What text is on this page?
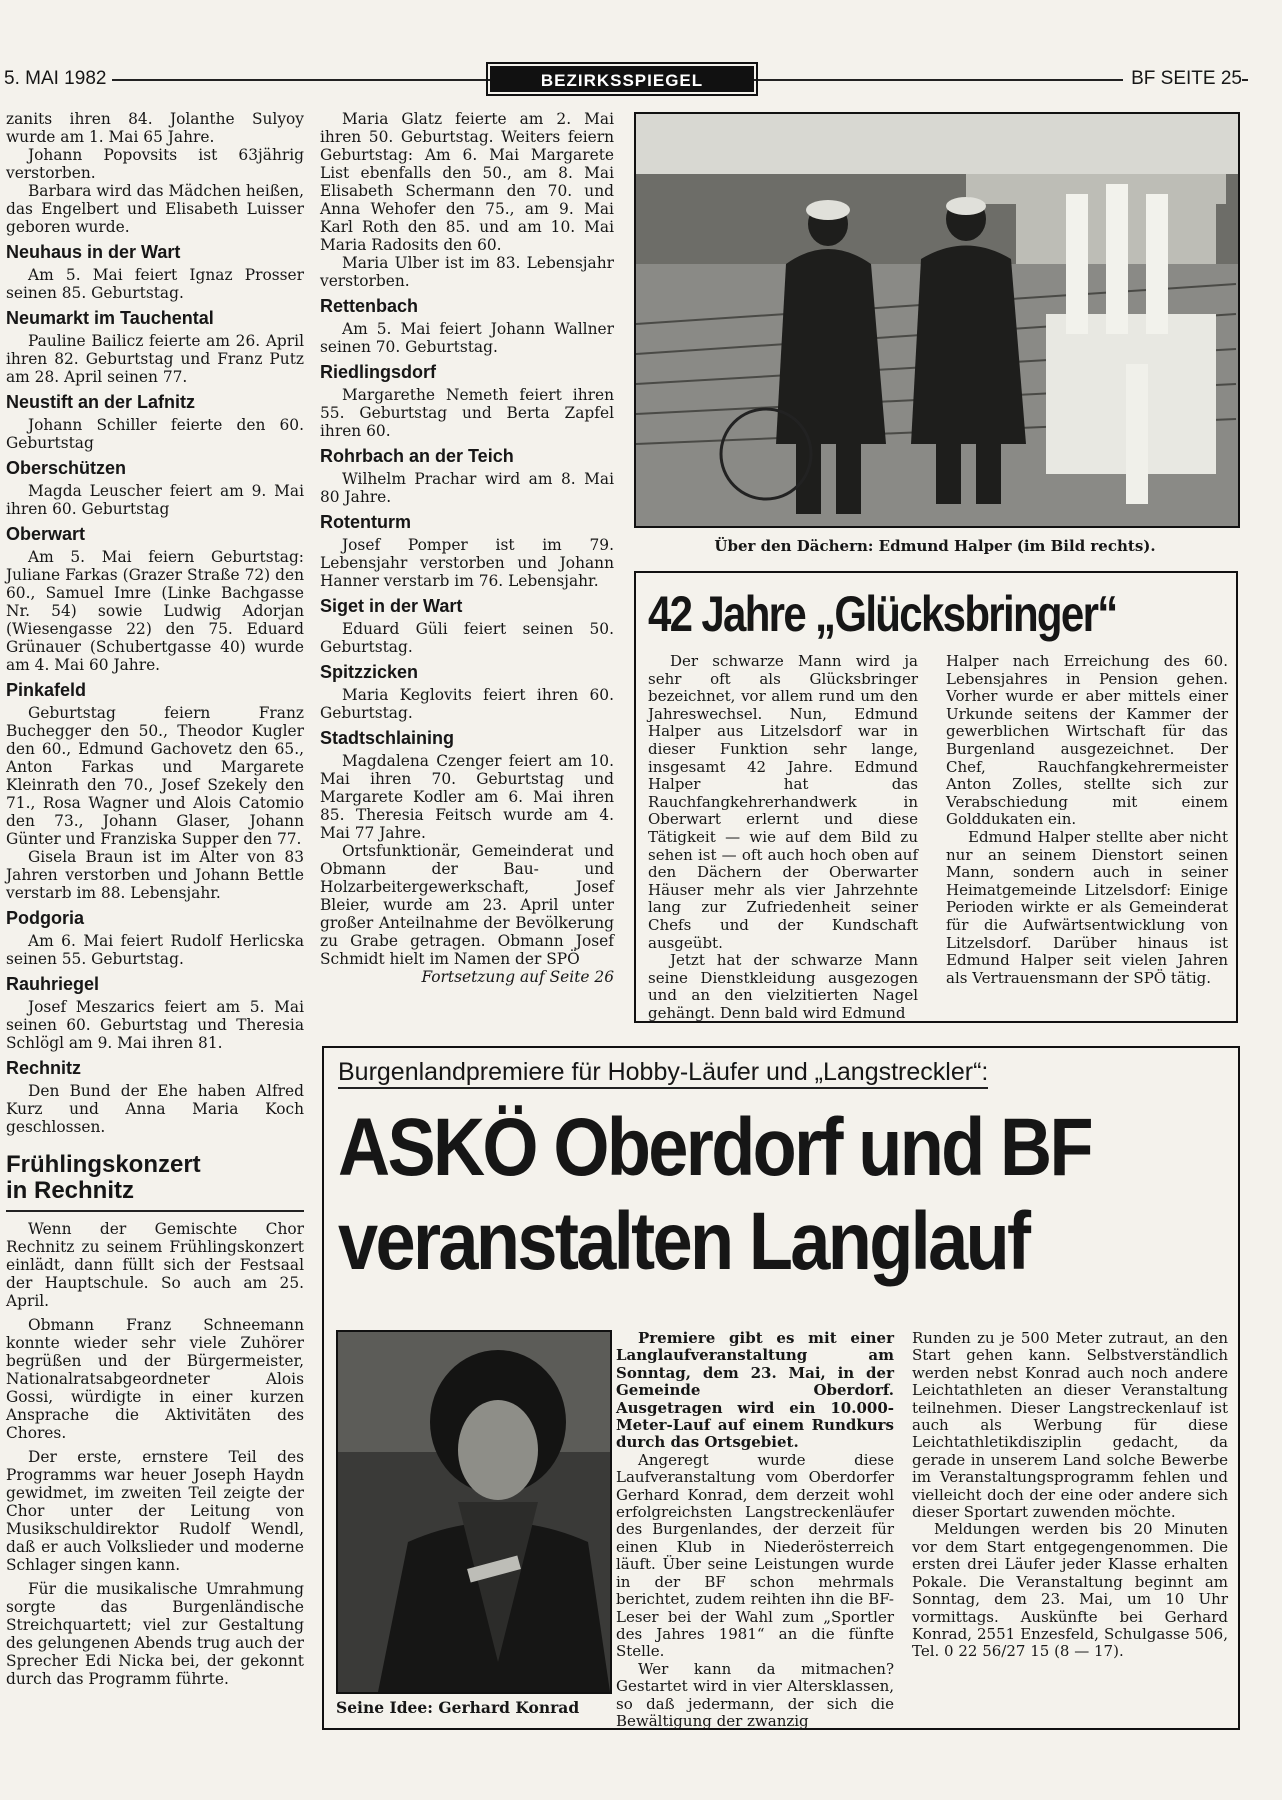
5. MAI 1982	BEZIRKSSPIEGEL	BF SEITE 25

zanits ihren 84. Jolanthe Sulyoy wurde am 1. Mai 65 Jahre.

Johann Popovsits ist 63jährig verstorben.

Barbara wird das Mädchen heißen, das Engelbert und Elisabeth Luisser geboren wurde.

Neuhaus in der Wart

Am 5. Mai feiert Ignaz Prosser seinen 85. Geburtstag.

Neumarkt im Tauchental

Pauline Bailicz feierte am 26. April ihren 82. Geburtstag und Franz Putz am 28. April seinen 77.

Neustift an der Lafnitz

Johann Schiller feierte den 60. Geburtstag

Oberschützen

Magda Leuscher feiert am 9. Mai ihren 60. Geburtstag

Oberwart

Am 5. Mai feiern Geburtstag: Juliane Farkas (Grazer Straße 72) den 60., Samuel Imre (Linke Bachgasse Nr. 54) sowie Ludwig Adorjan (Wiesengasse 22) den 75. Eduard Grünauer (Schubertgasse 40) wurde am 4. Mai 60 Jahre.

Pinkafeld

Geburtstag feiern Franz Buchegger den 50., Theodor Kugler den 60., Edmund Gachovetz den 65., Anton Farkas und Margarete Kleinrath den 70., Josef Szekely den 71., Rosa Wagner und Alois Catomio den 73., Johann Glaser, Johann Günter und Franziska Supper den 77.

Gisela Braun ist im Alter von 83 Jahren verstorben und Johann Bettle verstarb im 88. Lebensjahr.

Podgoria

Am 6. Mai feiert Rudolf Herlicska seinen 55. Geburtstag.

Rauhriegel

Josef Meszarics feiert am 5. Mai seinen 60. Geburtstag und Theresia Schlögl am 9. Mai ihren 81.

Rechnitz

Den Bund der Ehe haben Alfred Kurz und Anna Maria Koch geschlossen.

Frühlingskonzert
in Rechnitz

Wenn der Gemischte Chor Rechnitz zu seinem Frühlingskonzert einlädt, dann füllt sich der Festsaal der Hauptschule. So auch am 25. April.

Obmann Franz Schneemann konnte wieder sehr viele Zuhörer begrüßen und der Bürgermeister, Nationalratsabgeordneter Alois Gossi, würdigte in einer kurzen Ansprache die Aktivitäten des Chores.

Der erste, ernstere Teil des Programms war heuer Joseph Haydn gewidmet, im zweiten Teil zeigte der Chor unter der Leitung von Musikschuldirektor Rudolf Wendl, daß er auch Volkslieder und moderne Schlager singen kann.

Für die musikalische Umrahmung sorgte das Burgenländische Streichquartett; viel zur Gestaltung des gelungenen Abends trug auch der Sprecher Edi Nicka bei, der gekonnt durch das Programm führte.

Maria Glatz feierte am 2. Mai ihren 50. Geburtstag. Weiters feiern Geburtstag: Am 6. Mai Margarete List ebenfalls den 50., am 8. Mai Elisabeth Schermann den 70. und Anna Wehofer den 75., am 9. Mai Karl Roth den 85. und am 10. Mai Maria Radosits den 60.

Maria Ulber ist im 83. Lebensjahr verstorben.

Rettenbach

Am 5. Mai feiert Johann Wallner seinen 70. Geburtstag.

Riedlingsdorf

Margarethe Nemeth feiert ihren 55. Geburtstag und Berta Zapfel ihren 60.

Rohrbach an der Teich

Wilhelm Prachar wird am 8. Mai 80 Jahre.

Rotenturm

Josef Pomper ist im 79. Lebensjahr verstorben und Johann Hanner verstarb im 76. Lebensjahr.

Siget in der Wart

Eduard Güli feiert seinen 50. Geburtstag.

Spitzzicken

Maria Keglovits feiert ihren 60. Geburtstag.

Stadtschlaining

Magdalena Czenger feiert am 10. Mai ihren 70. Geburtstag und Margarete Kodler am 6. Mai ihren 85. Theresia Feitsch wurde am 4. Mai 77 Jahre.

Ortsfunktionär, Gemeinderat und Obmann der Bau- und Holzarbeitergewerkschaft, Josef Bleier, wurde am 23. April unter großer Anteilnahme der Bevölkerung zu Grabe getragen. Obmann Josef Schmidt hielt im Namen der SPÖ

Fortsetzung auf Seite 26

Über den Dächern: Edmund Halper (im Bild rechts).
42 Jahre „Glücksbringer“

Der schwarze Mann wird ja sehr oft als Glücksbringer bezeichnet, vor allem rund um den Jahreswechsel. Nun, Edmund Halper aus Litzelsdorf war in dieser Funktion sehr lange, insgesamt 42 Jahre. Edmund Halper hat das Rauchfangkehrerhandwerk in Oberwart erlernt und diese Tätigkeit — wie auf dem Bild zu sehen ist — oft auch hoch oben auf den Dächern der Oberwarter Häuser mehr als vier Jahrzehnte lang zur Zufriedenheit seiner Chefs und der Kundschaft ausgeübt.

Jetzt hat der schwarze Mann seine Dienstkleidung ausgezogen und an den vielzitierten Nagel gehängt. Denn bald wird Edmund

Halper nach Erreichung des 60. Lebensjahres in Pension gehen. Vorher wurde er aber mittels einer Urkunde seitens der Kammer der gewerblichen Wirtschaft für das Burgenland ausgezeichnet. Der Chef, Rauchfangkehrermeister Anton Zolles, stellte sich zur Verabschiedung mit einem Golddukaten ein.

Edmund Halper stellte aber nicht nur an seinem Dienstort seinen Mann, sondern auch in seiner Heimatgemeinde Litzelsdorf: Einige Perioden wirkte er als Gemeinderat für die Aufwärtsentwicklung von Litzelsdorf. Darüber hinaus ist Edmund Halper seit vielen Jahren als Vertrauensmann der SPÖ tätig.

Burgenlandpremiere für Hobby-Läufer und „Langstreckler“:
ASKÖ Oberdorf und BF
veranstalten Langlauf
Seine Idee: Gerhard Konrad

Premiere gibt es mit einer Langlaufveranstaltung am Sonntag, dem 23. Mai, in der Gemeinde Oberdorf. Ausgetragen wird ein 10.000-Meter-Lauf auf einem Rundkurs durch das Ortsgebiet.

Angeregt wurde diese Laufveranstaltung vom Oberdorfer Gerhard Konrad, dem derzeit wohl erfolgreichsten Langstreckenläufer des Burgenlandes, der derzeit für einen Klub in Niederösterreich läuft. Über seine Leistungen wurde in der BF schon mehrmals berichtet, zudem reihten ihn die BF-Leser bei der Wahl zum „Sportler des Jahres 1981“ an die fünfte Stelle.

Wer kann da mitmachen? Gestartet wird in vier Altersklassen, so daß jedermann, der sich die Bewältigung der zwanzig

Runden zu je 500 Meter zutraut, an den Start gehen kann. Selbstverständlich werden nebst Konrad auch noch andere Leichtathleten an dieser Veranstaltung teilnehmen. Dieser Langstreckenlauf ist auch als Werbung für diese Leichtathletikdisziplin gedacht, da gerade in unserem Land solche Bewerbe im Veranstaltungsprogramm fehlen und vielleicht doch der eine oder andere sich dieser Sportart zuwenden möchte.

Meldungen werden bis 20 Minuten vor dem Start entgegengenommen. Die ersten drei Läufer jeder Klasse erhalten Pokale. Die Veranstaltung beginnt am Sonntag, dem 23. Mai, um 10 Uhr vormittags. Auskünfte bei Gerhard Konrad, 2551 Enzesfeld, Schulgasse 506, Tel. 0 22 56/27 15 (8 — 17).
